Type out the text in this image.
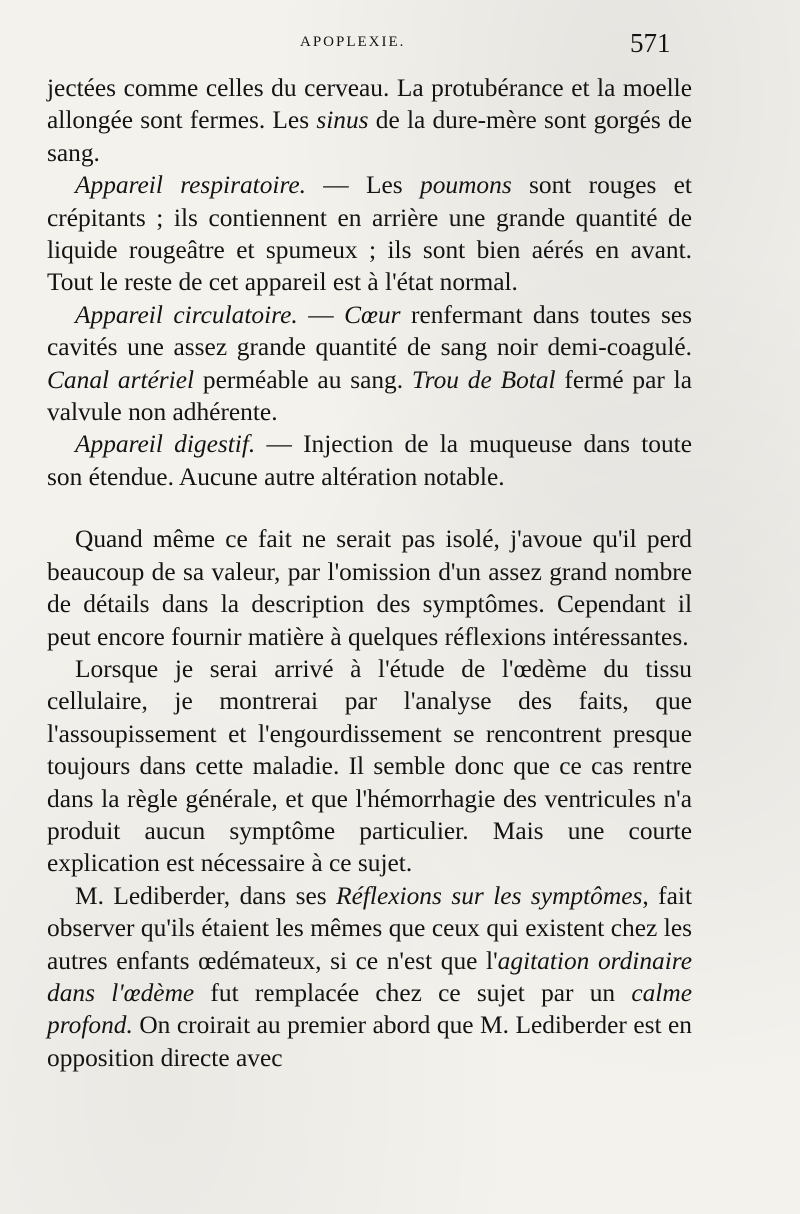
APOPLEXIE.	571

jectées comme celles du cerveau. La protubérance et la moelle allongée sont fermes. Les sinus de la dure-mère sont gorgés de sang.

Appareil respiratoire. — Les poumons sont rouges et crépitants ; ils contiennent en arrière une grande quantité de liquide rougeâtre et spumeux ; ils sont bien aérés en avant. Tout le reste de cet appareil est à l'état normal.

Appareil circulatoire. — Cœur renfermant dans toutes ses cavités une assez grande quantité de sang noir demi-coagulé. Canal artériel perméable au sang. Trou de Botal fermé par la valvule non adhérente.

Appareil digestif. — Injection de la muqueuse dans toute son étendue. Aucune autre altération notable.

Quand même ce fait ne serait pas isolé, j'avoue qu'il perd beaucoup de sa valeur, par l'omission d'un assez grand nombre de détails dans la description des symptômes. Cependant il peut encore fournir matière à quelques réflexions intéressantes.

Lorsque je serai arrivé à l'étude de l'œdème du tissu cellulaire, je montrerai par l'analyse des faits, que l'assoupissement et l'engourdissement se rencontrent presque toujours dans cette maladie. Il semble donc que ce cas rentre dans la règle générale, et que l'hémorrhagie des ventricules n'a produit aucun symptôme particulier. Mais une courte explication est nécessaire à ce sujet.

M. Lediberder, dans ses Réflexions sur les symptômes, fait observer qu'ils étaient les mêmes que ceux qui existent chez les autres enfants œdémateux, si ce n'est que l'agitation ordinaire dans l'œdème fut remplacée chez ce sujet par un calme profond. On croirait au premier abord que M. Lediberder est en opposition directe avec
